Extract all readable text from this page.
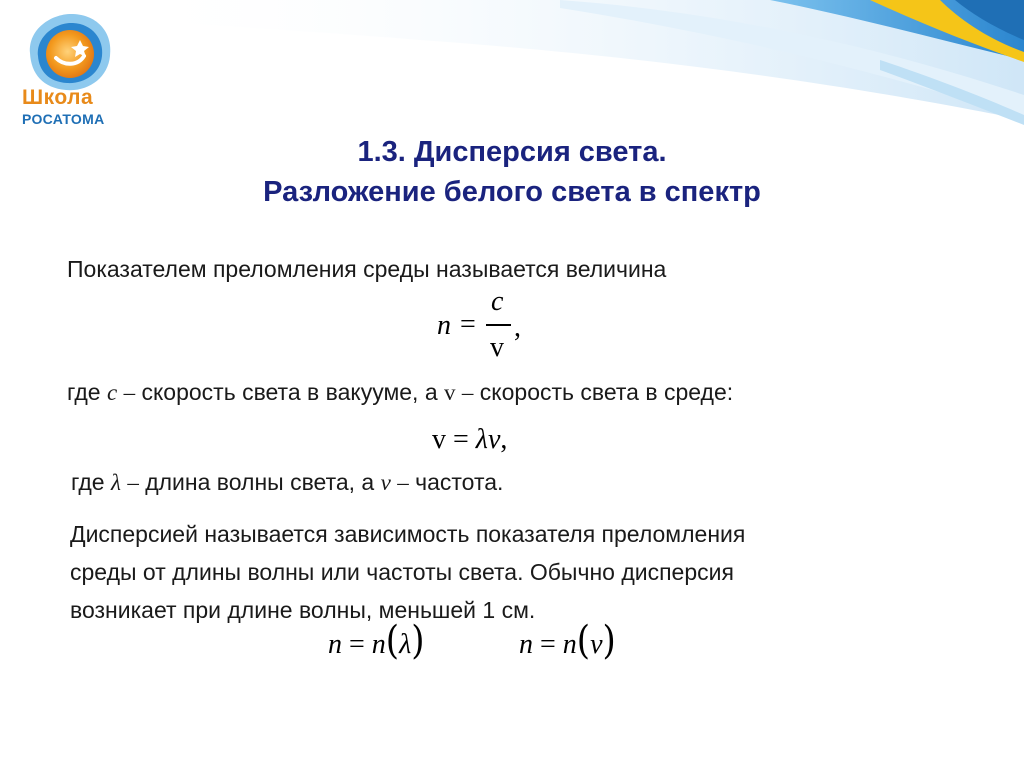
Школа
РОСАТОМА
1.3. Дисперсия света.
Разложение белого света в спектр
Показателем преломления среды называется величина
n =
c
v
,
где c – скорость света в вакууме, а v – скорость света в среде:
v = λν,
где λ – длина волны света, а ν – частота.
Дисперсией называется зависимость показателя преломления
среды от длины волны или частоты света. Обычно дисперсия
возникает при длине волны, меньшей 1 см.
n = n(λ)	n = n(ν)
